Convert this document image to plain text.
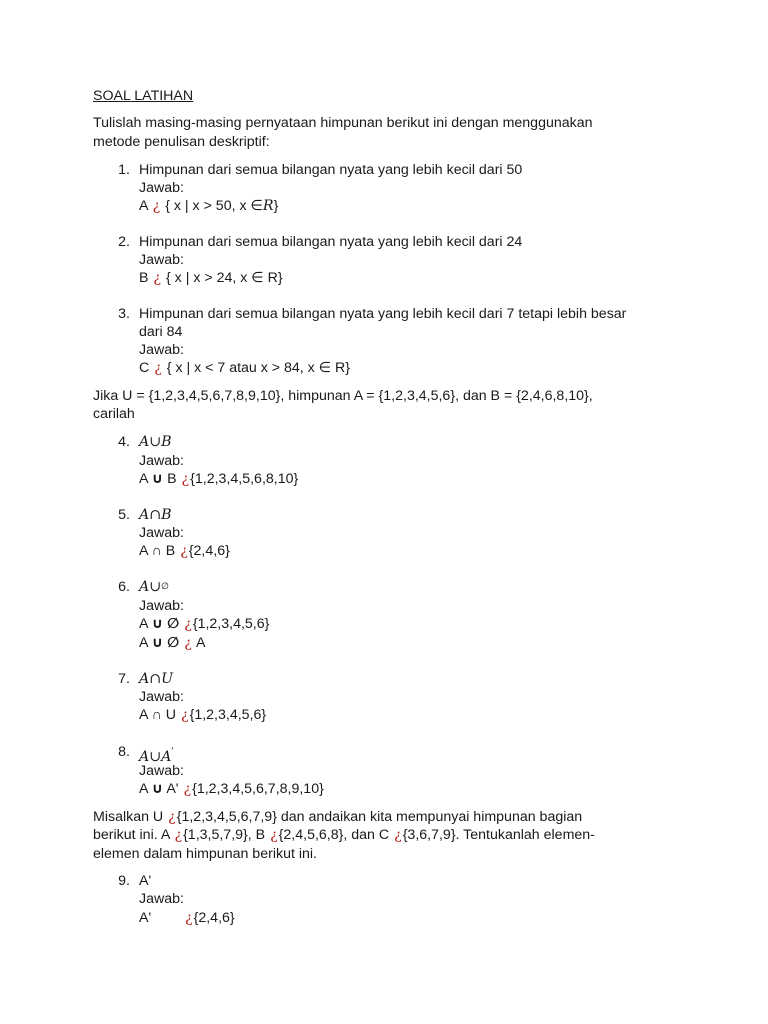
SOAL LATIHAN
Tulislah masing-masing pernyataan himpunan berikut ini dengan menggunakan
metode penulisan deskriptif:
1. Himpunan dari semua bilangan nyata yang lebih kecil dari 50
Jawab:
A ¿ { x | x > 50, x ∈R}
2. Himpunan dari semua bilangan nyata yang lebih kecil dari 24
Jawab:
B ¿ { x | x > 24, x ∈ R}
3. Himpunan dari semua bilangan nyata yang lebih kecil dari 7 tetapi lebih besar
dari 84
Jawab:
C ¿ { x | x < 7 atau x > 84, x ∈ R}
Jika U = {1,2,3,4,5,6,7,8,9,10}, himpunan A = {1,2,3,4,5,6}, dan B = {2,4,6,8,10},
carilah
4. A∪B
Jawab:
A ∪ B ¿{1,2,3,4,5,6,8,10}
5. A∩B
Jawab:
A ∩ B ¿{2,4,6}
6. A∪∅
Jawab:
A ∪ ∅ ¿{1,2,3,4,5,6}
A ∪ ∅ ¿ A
7. A∩U
Jawab:
A ∩ U ¿{1,2,3,4,5,6}
8. A∪A'
Jawab:
A ∪ A' ¿{1,2,3,4,5,6,7,8,9,10}
Misalkan U ¿{1,2,3,4,5,6,7,9} dan andaikan kita mempunyai himpunan bagian
berikut ini. A ¿{1,3,5,7,9}, B ¿{2,4,5,6,8}, dan C ¿{3,6,7,9}. Tentukanlah elemen-
elemen dalam himpunan berikut ini.
9. A'
Jawab:
A' ¿{2,4,6}
